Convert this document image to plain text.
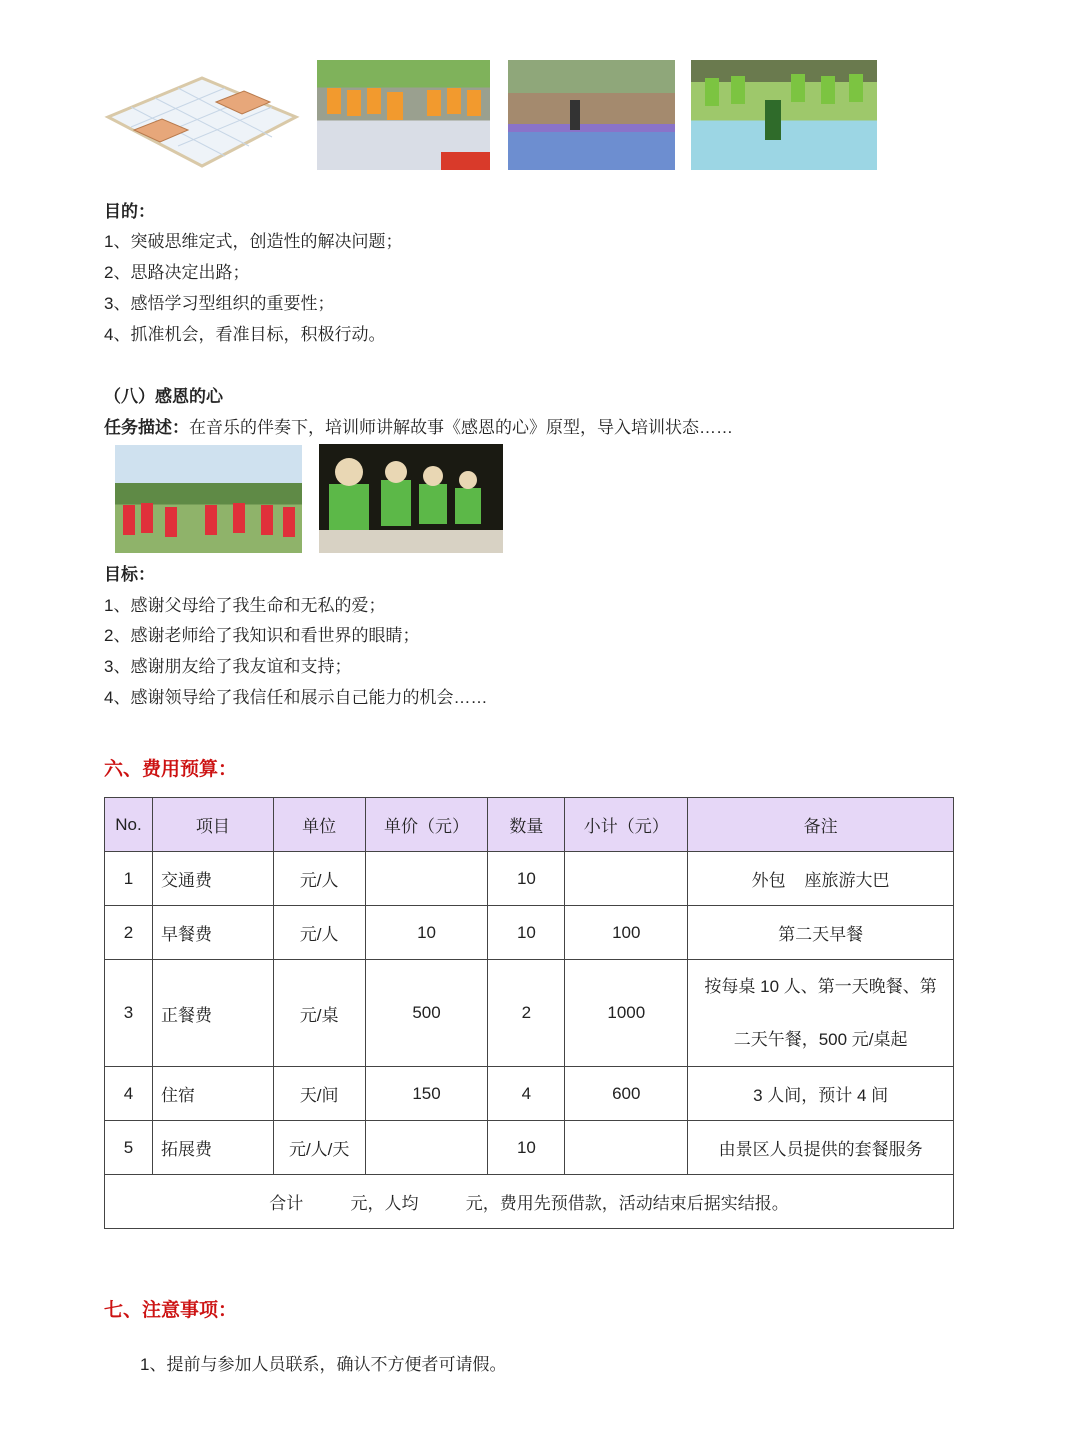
目的：
1、突破思维定式，创造性的解决问题；
2、思路决定出路；
3、感悟学习型组织的重要性；
4、抓准机会，看准目标，积极行动。
（八）感恩的心
任务描述：在音乐的伴奏下，培训师讲解故事《感恩的心》原型，导入培训状态……
目标：
1、感谢父母给了我生命和无私的爱；
2、感谢老师给了我知识和看世界的眼睛；
3、感谢朋友给了我友谊和支持；
4、感谢领导给了我信任和展示自己能力的机会……
六、费用预算：
No.	项目	单位	单价（元）	数量	小计（元）	备注
1	交通费	元/人		10		外包    座旅游大巴
2	早餐费	元/人	10	10	100	第二天早餐
3	正餐费	元/桌	500	2	1000	按每桌 10 人、第一天晚餐、第
二天午餐，500 元/桌起

4	住宿	天/间	150	4	600	3 人间，预计 4 间
5	拓展费	元/人/天		10		由景区人员提供的套餐服务
合计          元，人均          元，费用先预借款，活动结束后据实结报。						
七、注意事项：
1、提前与参加人员联系，确认不方便者可请假。
